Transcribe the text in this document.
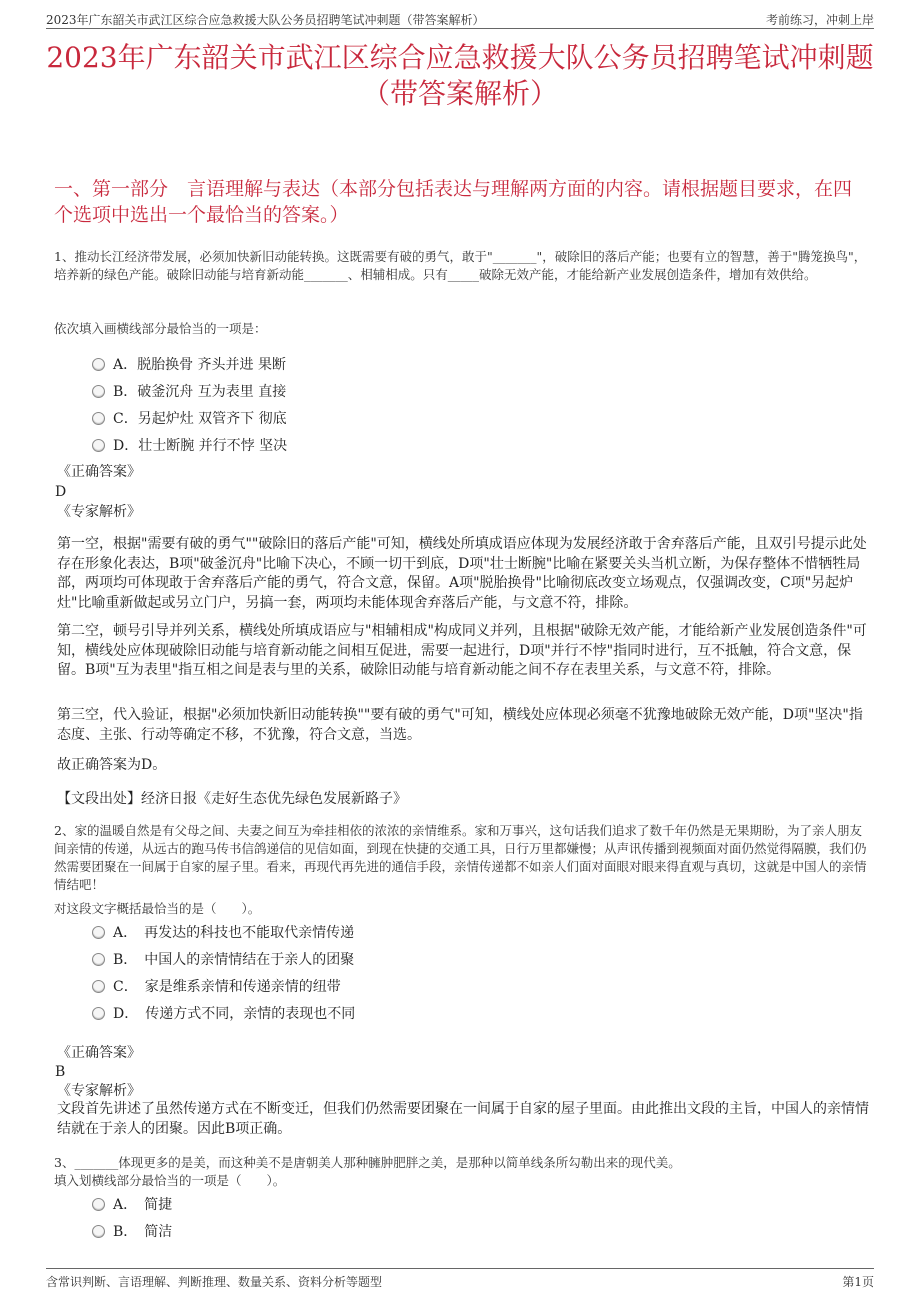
2023年广东韶关市武江区综合应急救援大队公务员招聘笔试冲刺题（带答案解析）	考前练习，冲刺上岸
2023年广东韶关市武江区综合应急救援大队公务员招聘笔试冲刺题（带答案解析）
一、第一部分　言语理解与表达（本部分包括表达与理解两方面的内容。请根据题目要求，在四个选项中选出一个最恰当的答案。）
1、推动长江经济带发展，必须加快新旧动能转换。这既需要有破的勇气，敢于"_______"，破除旧的落后产能；也要有立的智慧，善于"腾笼换鸟"，培养新的绿色产能。破除旧动能与培育新动能_______、相辅相成。只有_____破除无效产能，才能给新产业发展创造条件，增加有效供给。
依次填入画横线部分最恰当的一项是：
A．脱胎换骨 齐头并进 果断
B．破釜沉舟 互为表里 直接
C．另起炉灶 双管齐下 彻底
D．壮士断腕 并行不悖 坚决
《正确答案》
D
《专家解析》
第一空，根据"需要有破的勇气""破除旧的落后产能"可知，横线处所填成语应体现为发展经济敢于舍弃落后产能，且双引号提示此处存在形象化表达，B项"破釜沉舟"比喻下决心，不顾一切干到底，D项"壮士断腕"比喻在紧要关头当机立断，为保存整体不惜牺牲局部，两项均可体现敢于舍弃落后产能的勇气，符合文意，保留。A项"脱胎换骨"比喻彻底改变立场观点，仅强调改变，C项"另起炉灶"比喻重新做起或另立门户，另搞一套，两项均未能体现舍弃落后产能，与文意不符，排除。
第二空，顿号引导并列关系，横线处所填成语应与"相辅相成"构成同义并列，且根据"破除无效产能，才能给新产业发展创造条件"可知，横线处应体现破除旧动能与培育新动能之间相互促进，需要一起进行，D项"并行不悖"指同时进行，互不抵触，符合文意，保留。B项"互为表里"指互相之间是表与里的关系，破除旧动能与培育新动能之间不存在表里关系，与文意不符，排除。
第三空，代入验证，根据"必须加快新旧动能转换""要有破的勇气"可知，横线处应体现必须毫不犹豫地破除无效产能，D项"坚决"指态度、主张、行动等确定不移，不犹豫，符合文意，当选。
故正确答案为D。
【文段出处】经济日报《走好生态优先绿色发展新路子》
2、家的温暖自然是有父母之间、夫妻之间互为牵挂相依的浓浓的亲情维系。家和万事兴，这句话我们追求了数千年仍然是无果期盼，为了亲人朋友间亲情的传递，从远古的跑马传书信鸽递信的见信如面，到现在快捷的交通工具，日行万里都嫌慢；从声讯传播到视频面对面仍然觉得隔膜，我们仍然需要团聚在一间属于自家的屋子里。看来，再现代再先进的通信手段，亲情传递都不如亲人们面对面眼对眼来得直观与真切，这就是中国人的亲情情结吧！
对这段文字概括最恰当的是（　　）。
A．　再发达的科技也不能取代亲情传递
B．　中国人的亲情情结在于亲人的团聚
C．　家是维系亲情和传递亲情的纽带
D．　传递方式不同，亲情的表现也不同
《正确答案》
B
《专家解析》
文段首先讲述了虽然传递方式在不断变迁，但我们仍然需要团聚在一间属于自家的屋子里面。由此推出文段的主旨，中国人的亲情情结就在于亲人的团聚。因此B项正确。
3、_______体现更多的是美，而这种美不是唐朝美人那种臃肿肥胖之美，是那种以简单线条所勾勒出来的现代美。
填入划横线部分最恰当的一项是（　　）。
A．　简捷
B．　简洁
含常识判断、言语理解、判断推理、数量关系、资料分析等题型	第1页
